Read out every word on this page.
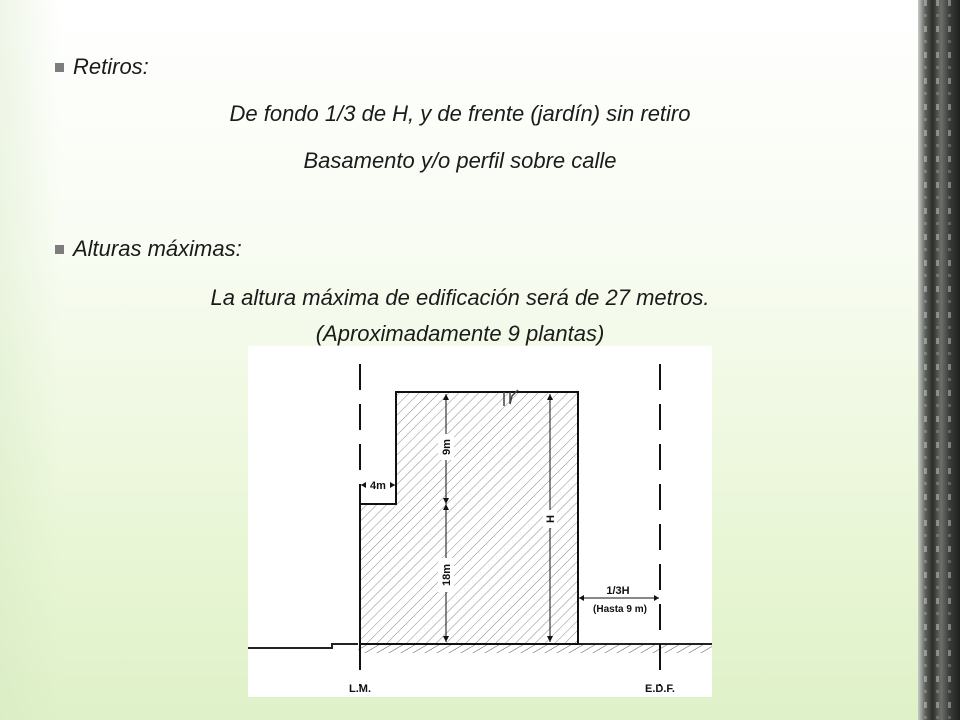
Retiros:
De fondo 1/3 de H, y de frente (jardín) sin retiro
Basamento y/o perfil sobre calle
Alturas máximas:
La altura máxima de edificación será de 27 metros.
(Aproximadamente 9 plantas)
4m
9m
18m
H
1/3H
(Hasta 9 m)
L.M.	E.D.F.
